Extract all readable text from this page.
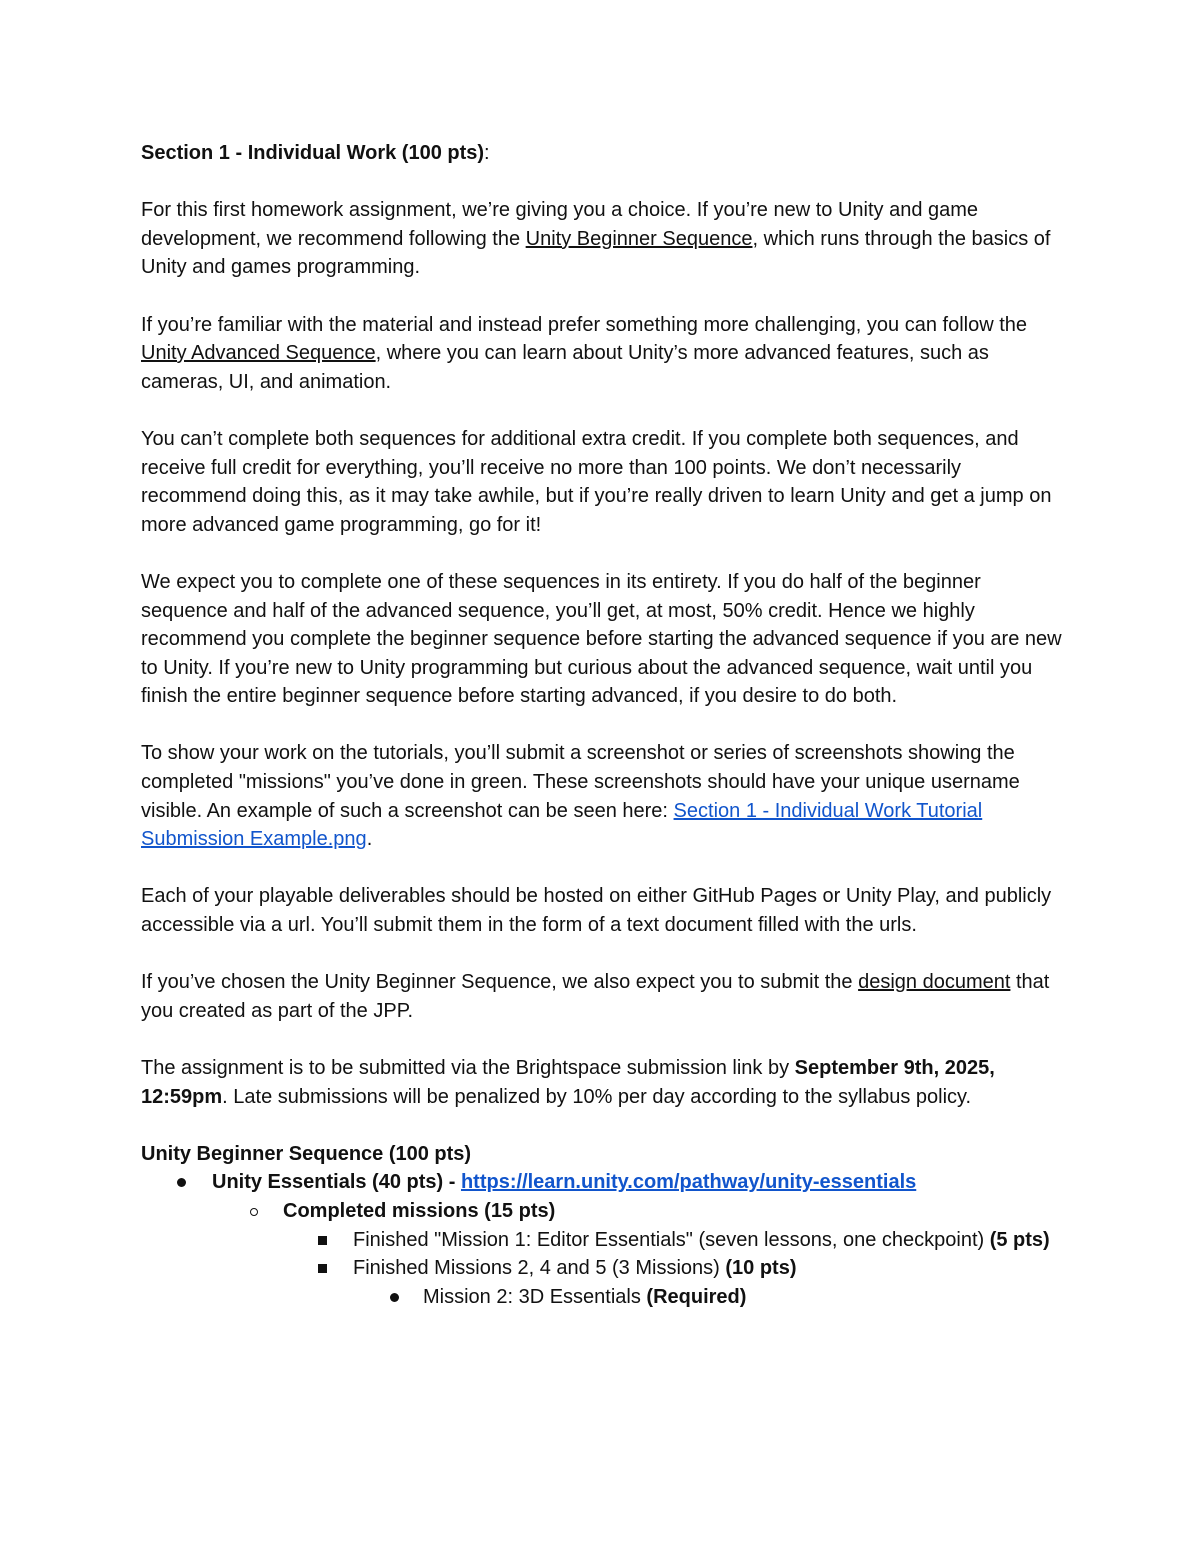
Section 1 - Individual Work (100 pts):

For this first homework assignment, we’re giving you a choice. If you’re new to Unity and game development, we recommend following the Unity Beginner Sequence, which runs through the basics of Unity and games programming.

If you’re familiar with the material and instead prefer something more challenging, you can follow the Unity Advanced Sequence, where you can learn about Unity’s more advanced features, such as cameras, UI, and animation.

You can’t complete both sequences for additional extra credit. If you complete both sequences, and receive full credit for everything, you’ll receive no more than 100 points. We don’t necessarily recommend doing this, as it may take awhile, but if you’re really driven to learn Unity and get a jump on more advanced game programming, go for it!

We expect you to complete one of these sequences in its entirety. If you do half of the beginner sequence and half of the advanced sequence, you’ll get, at most, 50% credit. Hence we highly recommend you complete the beginner sequence before starting the advanced sequence if you are new to Unity. If you’re new to Unity programming but curious about the advanced sequence, wait until you finish the entire beginner sequence before starting advanced, if you desire to do both.

To show your work on the tutorials, you’ll submit a screenshot or series of screenshots showing the completed "missions" you’ve done in green. These screenshots should have your unique username visible. An example of such a screenshot can be seen here: Section 1 - Individual Work Tutorial Submission Example.png.

Each of your playable deliverables should be hosted on either GitHub Pages or Unity Play, and publicly accessible via a url. You’ll submit them in the form of a text document filled with the urls.

If you’ve chosen the Unity Beginner Sequence, we also expect you to submit the design document that you created as part of the JPP.

The assignment is to be submitted via the Brightspace submission link by September 9th, 2025, 12:59pm. Late submissions will be penalized by 10% per day according to the syllabus policy.

Unity Beginner Sequence (100 pts)
Unity Essentials (40 pts) - https://learn.unity.com/pathway/unity-essentials
Completed missions (15 pts)
Finished "Mission 1: Editor Essentials" (seven lessons, one checkpoint) (5 pts)
Finished Missions 2, 4 and 5 (3 Missions) (10 pts)
Mission 2: 3D Essentials (Required)
